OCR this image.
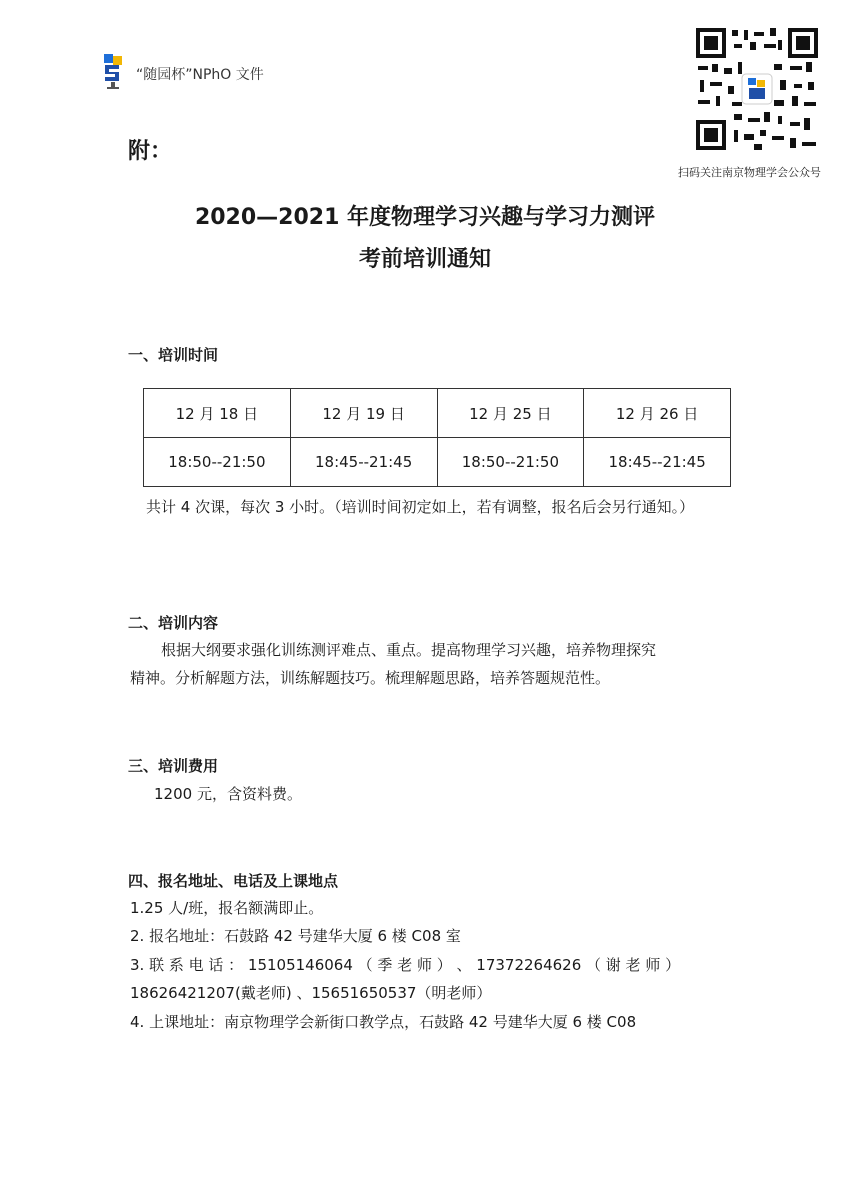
“随园杯”NPhO 文件
扫码关注南京物理学会公众号
附：
2020—2021 年度物理学习兴趣与学习力测评
考前培训通知
一、培训时间
12 月 18 日	12 月 19 日	12 月 25 日	12 月 26 日
18:50--21:50	18:45--21:45	18:50--21:50	18:45--21:45
共计 4 次课，每次 3 小时。（培训时间初定如上，若有调整，报名后会另行通知。）
二、培训内容
根据大纲要求强化训练测评难点、重点。提高物理学习兴趣，培养物理探究
精神。分析解题方法，训练解题技巧。梳理解题思路，培养答题规范性。
三、培训费用
1200 元，含资料费。
四、报名地址、电话及上课地点
1.25 人/班，报名额满即止。
2. 报名地址：石鼓路 42 号建华大厦 6 楼 C08 室
3. 联 系 电 话 ： 15105146064 （ 季 老 师 ） 、 17372264626 （ 谢 老 师 ）
18626421207(戴老师) 、15651650537（明老师）
4. 上课地址：南京物理学会新街口教学点，石鼓路 42 号建华大厦 6 楼 C08
